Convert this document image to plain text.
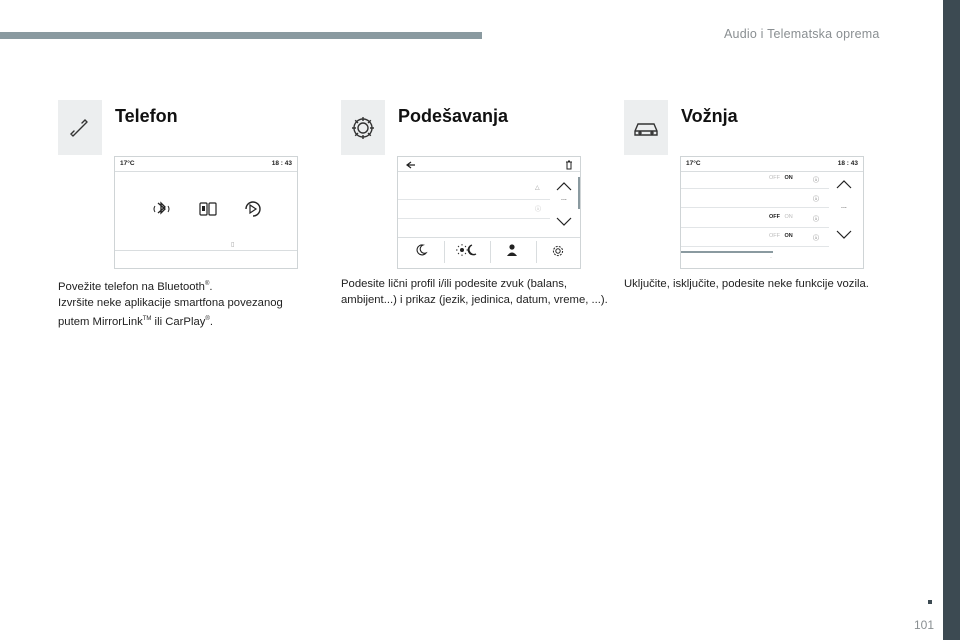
Audio i Telematska oprema
101
Telefon
17°C	18 : 43
▯
Povežite telefon na Bluetooth®.
Izvršite neke aplikacije smartfona povezanog
putem MirrorLink™ ili CarPlay®.
Podešavanja
△
ⓘ
...
Podesite lični profil i/ili podesite zvuk (balans, ambijent...) i prikaz (jezik, jedinica, datum, vreme, ...).
Vožnja
17°C	18 : 43
OFF ON
OFF ON
OFF ON
ⓘ
ⓘ
ⓘ
ⓘ
...
·
Uključite, isključite, podesite neke funkcije vozila.
